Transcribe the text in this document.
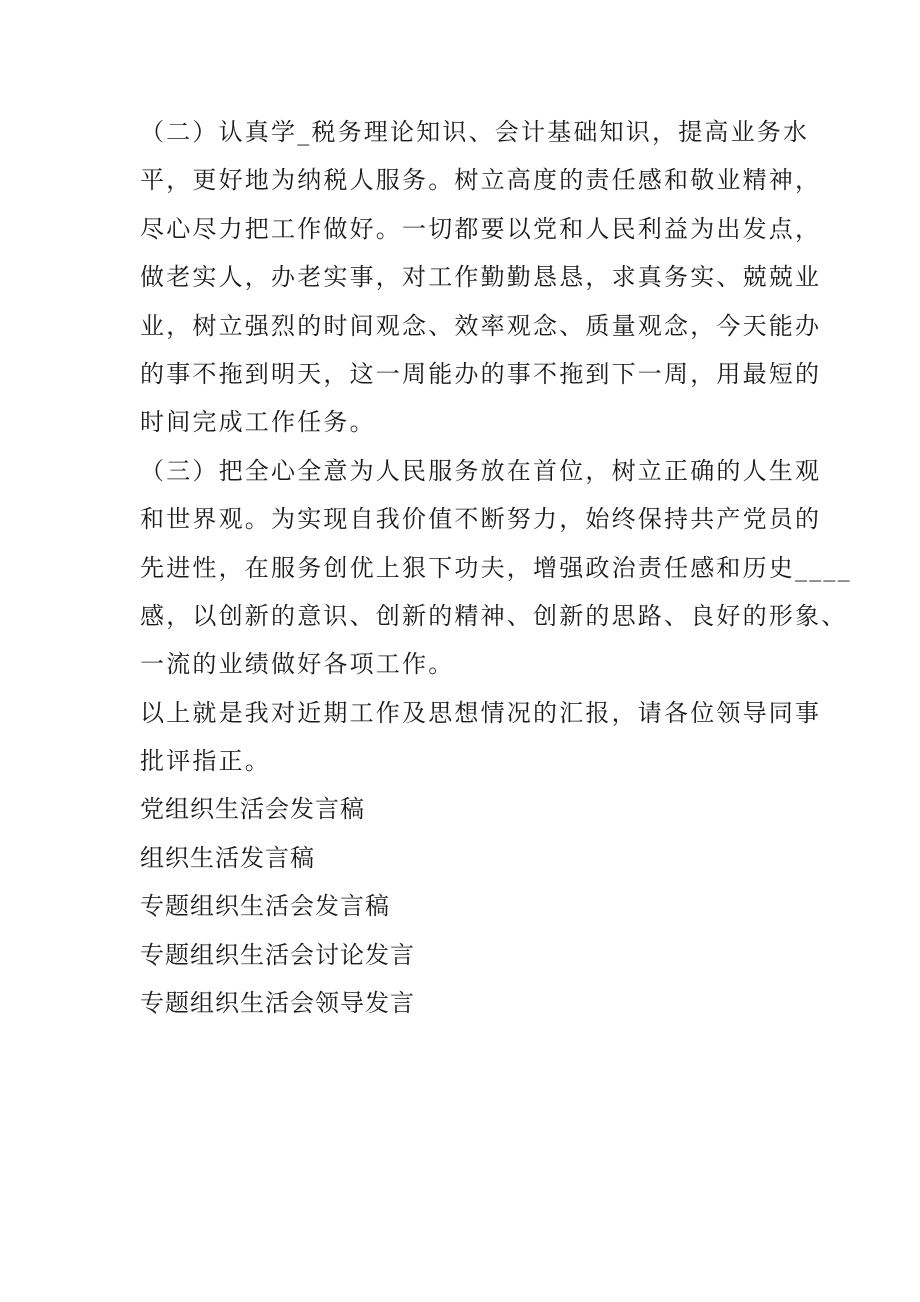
（二）认真学_税务理论知识、会计基础知识，提高业务水
平，更好地为纳税人服务。树立高度的责任感和敬业精神，
尽心尽力把工作做好。一切都要以党和人民利益为出发点，
做老实人，办老实事，对工作勤勤恳恳，求真务实、兢兢业
业，树立强烈的时间观念、效率观念、质量观念，今天能办
的事不拖到明天，这一周能办的事不拖到下一周，用最短的
时间完成工作任务。
（三）把全心全意为人民服务放在首位，树立正确的人生观
和世界观。为实现自我价值不断努力，始终保持共产党员的
先进性，在服务创优上狠下功夫，增强政治责任感和历史____
感，以创新的意识、创新的精神、创新的思路、良好的形象、
一流的业绩做好各项工作。
以上就是我对近期工作及思想情况的汇报，请各位领导同事
批评指正。
党组织生活会发言稿
组织生活发言稿
专题组织生活会发言稿
专题组织生活会讨论发言
专题组织生活会领导发言
